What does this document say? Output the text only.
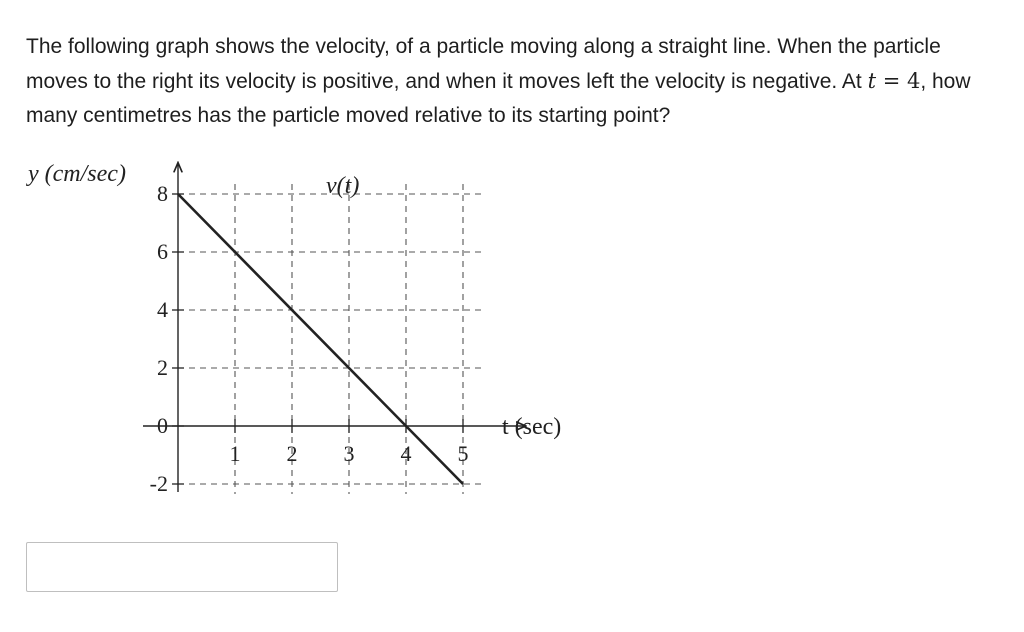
The following graph shows the velocity, of a particle moving along a straight line. When the particle moves to the right its velocity is positive, and when it moves left the velocity is negative. At t = 4, how many centimetres has the particle moved relative to its starting point?

8
6
4
2
0
-2
1 2 3 4 5
y (cm/sec)
t (sec)
v(t)
